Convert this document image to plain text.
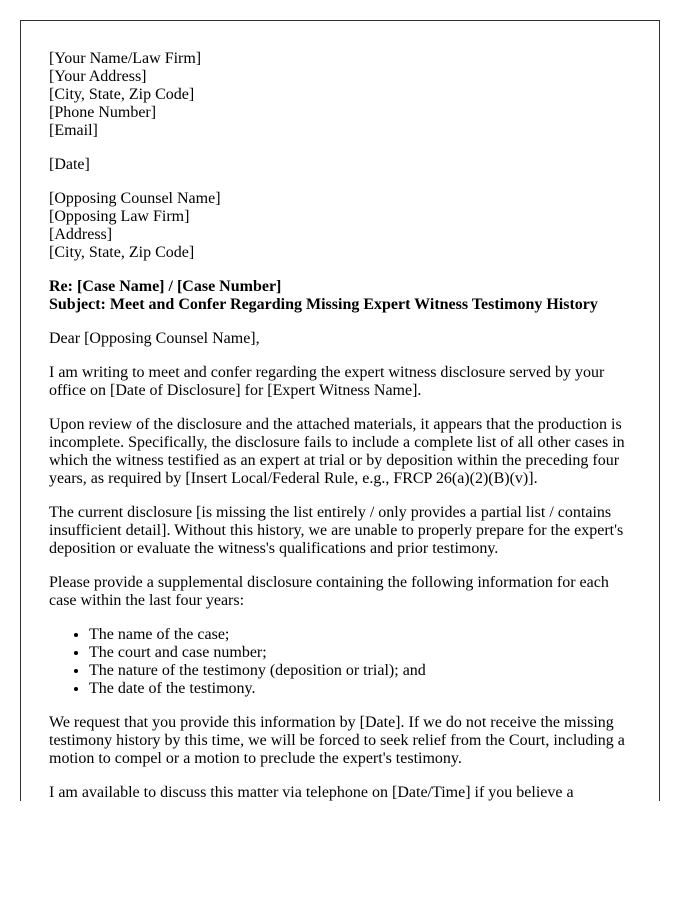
[Your Name/Law Firm]
[Your Address]
[City, State, Zip Code]
[Phone Number]
[Email]
[Date]
[Opposing Counsel Name]
[Opposing Law Firm]
[Address]
[City, State, Zip Code]
Re: [Case Name] / [Case Number]
Subject: Meet and Confer Regarding Missing Expert Witness Testimony History

Dear [Opposing Counsel Name],

I am writing to meet and confer regarding the expert witness disclosure served by your office on [Date of Disclosure] for [Expert Witness Name].

Upon review of the disclosure and the attached materials, it appears that the production is incomplete. Specifically, the disclosure fails to include a complete list of all other cases in which the witness testified as an expert at trial or by deposition within the preceding four years, as required by [Insert Local/Federal Rule, e.g., FRCP 26(a)(2)(B)(v)].

The current disclosure [is missing the list entirely / only provides a partial list / contains insufficient detail]. Without this history, we are unable to properly prepare for the expert's deposition or evaluate the witness's qualifications and prior testimony.

Please provide a supplemental disclosure containing the following information for each case within the last four years:

• The name of the case;
• The court and case number;
• The nature of the testimony (deposition or trial); and
• The date of the testimony.

We request that you provide this information by [Date]. If we do not receive the missing testimony history by this time, we will be forced to seek relief from the Court, including a motion to compel or a motion to preclude the expert's testimony.

I am available to discuss this matter via telephone on [Date/Time] if you believe a
